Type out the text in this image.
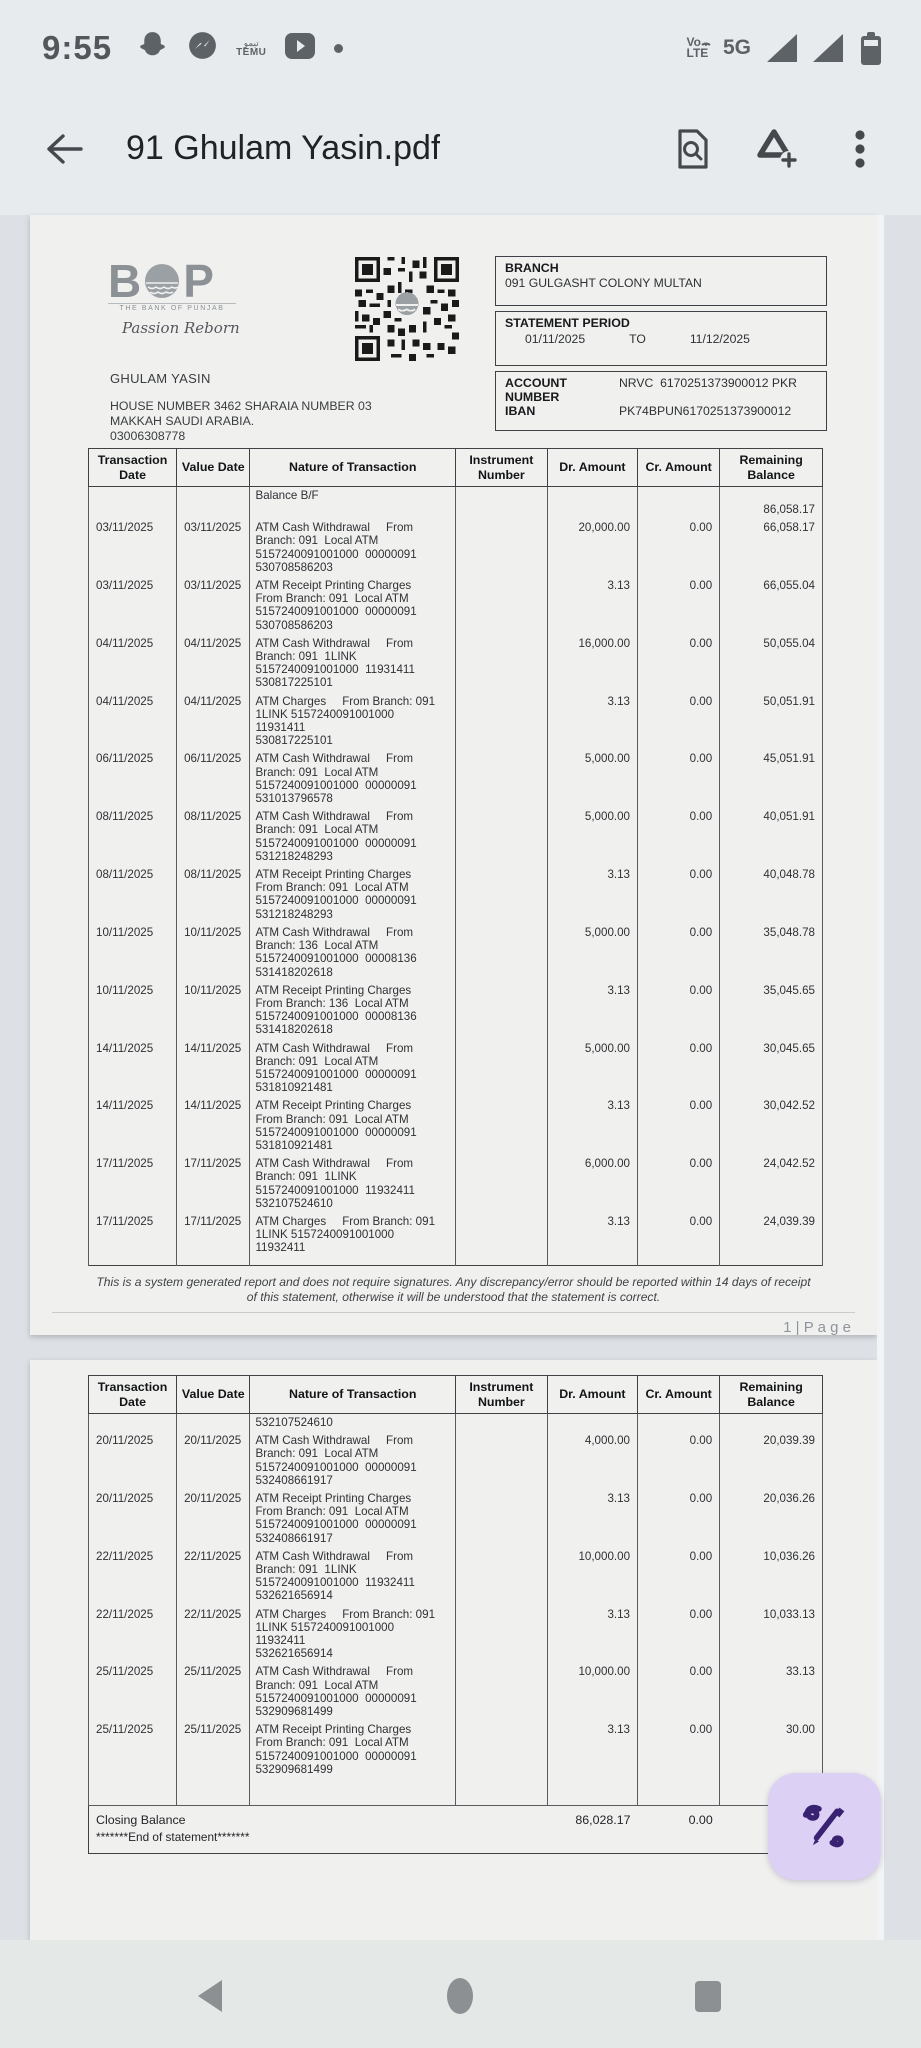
9:55	تيمو
TEMU
Vo
LTE 5G
91 Ghulam Yasin.pdf
B P
THE BANK OF PUNJAB
Passion Reborn
GHULAM YASIN
HOUSE NUMBER 3462 SHARAIA NUMBER 03
MAKKAH SAUDI ARABIA.
03006308778
BRANCH
091 GULGASHT COLONY MULTAN
STATEMENT PERIOD
01/11/2025	TO	11/12/2025
ACCOUNT NUMBER
NRVC  6170251373900012 PKR
IBAN	PK74BPUN6170251373900012
Transaction Date	Value Date	Nature of Transaction	Instrument Number	Dr. Amount	Cr. Amount	Remaining Balance
		Balance B/F				86,058.17
03/11/2025	03/11/2025	ATM Cash Withdrawal     From
Branch: 091  Local ATM
5157240091001000  00000091
530708586203		20,000.00	0.00	66,058.17
03/11/2025	03/11/2025	ATM Receipt Printing Charges
From Branch: 091  Local ATM
5157240091001000  00000091
530708586203		3.13	0.00	66,055.04
04/11/2025	04/11/2025	ATM Cash Withdrawal     From
Branch: 091  1LINK
5157240091001000  11931411
530817225101		16,000.00	0.00	50,055.04
04/11/2025	04/11/2025	ATM Charges     From Branch: 091
1LINK 5157240091001000  11931411
530817225101		3.13	0.00	50,051.91
06/11/2025	06/11/2025	ATM Cash Withdrawal     From
Branch: 091  Local ATM
5157240091001000  00000091
531013796578		5,000.00	0.00	45,051.91
08/11/2025	08/11/2025	ATM Cash Withdrawal     From
Branch: 091  Local ATM
5157240091001000  00000091
531218248293		5,000.00	0.00	40,051.91
08/11/2025	08/11/2025	ATM Receipt Printing Charges
From Branch: 091  Local ATM
5157240091001000  00000091
531218248293		3.13	0.00	40,048.78
10/11/2025	10/11/2025	ATM Cash Withdrawal     From
Branch: 136  Local ATM
5157240091001000  00008136
531418202618		5,000.00	0.00	35,048.78
10/11/2025	10/11/2025	ATM Receipt Printing Charges
From Branch: 136  Local ATM
5157240091001000  00008136
531418202618		3.13	0.00	35,045.65
14/11/2025	14/11/2025	ATM Cash Withdrawal     From
Branch: 091  Local ATM
5157240091001000  00000091
531810921481		5,000.00	0.00	30,045.65
14/11/2025	14/11/2025	ATM Receipt Printing Charges
From Branch: 091  Local ATM
5157240091001000  00000091
531810921481		3.13	0.00	30,042.52
17/11/2025	17/11/2025	ATM Cash Withdrawal     From
Branch: 091  1LINK
5157240091001000  11932411
532107524610		6,000.00	0.00	24,042.52
17/11/2025	17/11/2025	ATM Charges     From Branch: 091
1LINK 5157240091001000  11932411		3.13	0.00	24,039.39

This is a system generated report and does not require signatures. Any discrepancy/error should be reported within 14 days of receipt
of this statement, otherwise it will be understood that the statement is correct.
1 | P a g e
Transaction Date	Value Date	Nature of Transaction	Instrument Number	Dr. Amount	Cr. Amount	Remaining Balance
		532107524610				
20/11/2025	20/11/2025	ATM Cash Withdrawal     From
Branch: 091  Local ATM
5157240091001000  00000091
532408661917		4,000.00	0.00	20,039.39
20/11/2025	20/11/2025	ATM Receipt Printing Charges
From Branch: 091  Local ATM
5157240091001000  00000091
532408661917		3.13	0.00	20,036.26
22/11/2025	22/11/2025	ATM Cash Withdrawal     From
Branch: 091  1LINK
5157240091001000  11932411
532621656914		10,000.00	0.00	10,036.26
22/11/2025	22/11/2025	ATM Charges     From Branch: 091
1LINK 5157240091001000  11932411
532621656914		3.13	0.00	10,033.13
25/11/2025	25/11/2025	ATM Cash Withdrawal     From
Branch: 091  Local ATM
5157240091001000  00000091
532909681499		10,000.00	0.00	33.13
25/11/2025	25/11/2025	ATM Receipt Printing Charges
From Branch: 091  Local ATM
5157240091001000  00000091
532909681499		3.13	0.00	30.00

Closing Balance				86,028.17	0.00	
*******End of statement*******						
